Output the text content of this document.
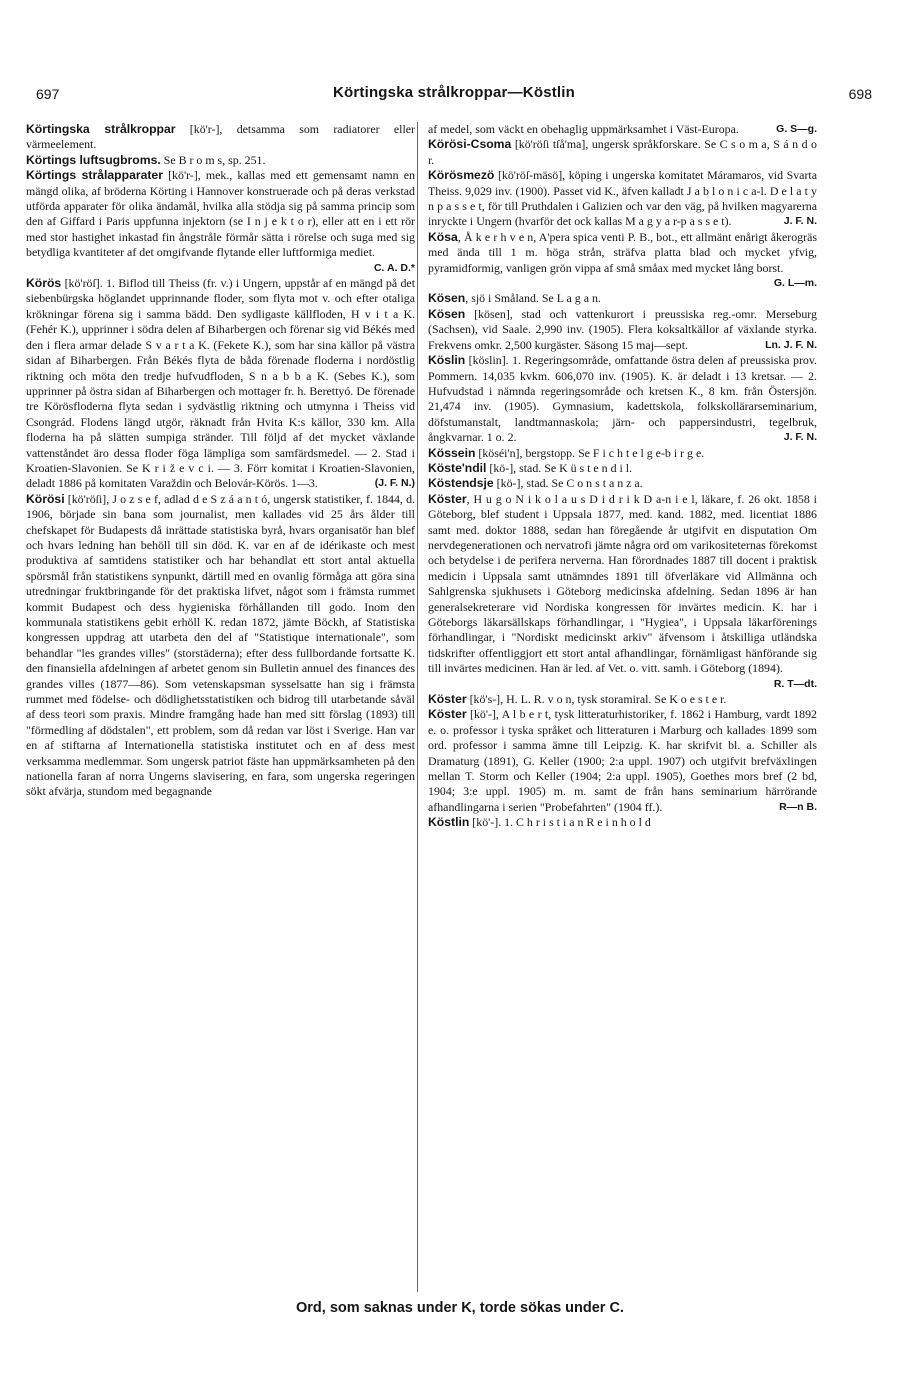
697	Körtingska strålkroppar—Köstlin	698

Körtingska strålkroppar [kö'r-], detsamma som radiatorer eller värmeelement.

Körtings luftsugbroms. Se B r o m s, sp. 251.

Körtings strålapparater [kö'r-], mek., kallas med ett gemensamt namn en mängd olika, af bröderna Körting i Hannover konstruerade och på deras verkstad utförda apparater för olika ändamål, hvilka alla stödja sig på samma princip som den af Giffard i Paris uppfunna injektorn (se I n j e k t o r), eller att en i ett rör med stor hastighet inkastad fin ångstråle förmår sätta i rörelse och suga med sig betydliga kvantiteter af det omgifvande flytande eller luftformiga mediet.
C. A. D.*

Körös [kö'röſ]. 1. Biflod till Theiss (fr. v.) i Ungern, uppstår af en mängd på det siebenbürgska höglandet upprinnande floder, som flyta mot v. och efter otaliga krökningar förena sig i samma bädd. Den sydligaste källfloden, H v i t a K. (Fehér K.), upprinner i södra delen af Biharbergen och förenar sig vid Békés med den i flera armar delade S v a r t a K. (Fekete K.), som har sina källor på västra sidan af Biharbergen. Från Békés flyta de båda förenade floderna i nordöstlig riktning och möta den tredje hufvudfloden, S n a b b a K. (Sebes K.), som upprinner på östra sidan af Biharbergen och mottager fr. h. Berettyó. De förenade tre Körösfloderna flyta sedan i sydvästlig riktning och utmynna i Theiss vid Csongrád. Flodens längd utgör, räknadt från Hvita K:s källor, 330 km. Alla floderna ha på slätten sumpiga stränder. Till följd af det mycket växlande vattenståndet äro dessa floder föga lämpliga som samfärdsmedel. — 2. Stad i Kroatien-Slavonien. Se K r i ž e v c i. — 3. Förr komitat i Kroatien-Slavonien, deladt 1886 på komitaten Varaždin och Belovár-Körös. 1—3.	(J. F. N.)

Körösi [kö'röſi], J o z s e f, adlad d e S z á a n t ó, ungersk statistiker, f. 1844, d. 1906, började sin bana som journalist, men kallades vid 25 års ålder till chefskapet för Budapests då inrättade statistiska byrå, hvars organisatör han blef och hvars ledning han behöll till sin död. K. var en af de idérikaste och mest produktiva af samtidens statistiker och har behandlat ett stort antal aktuella spörsmål från statistikens synpunkt, därtill med en ovanlig förmåga att göra sina utredningar fruktbringande för det praktiska lifvet, något som i främsta rummet kommit Budapest och dess hygieniska förhållanden till godo. Inom den kommunala statistikens gebit erhöll K. redan 1872, jämte Böckh, af Statistiska kongressen uppdrag att utarbeta den del af "Statistique internationale", som behandlar "les grandes villes" (storstäderna); efter dess fullbordande fortsatte K. den finansiella afdelningen af arbetet genom sin Bulletin annuel des finances des grandes villes (1877—86). Som vetenskapsman sysselsatte han sig i främsta rummet med födelse- och dödlighetsstatistiken och bidrog till utarbetande såväl af dess teori som praxis. Mindre framgång hade han med sitt förslag (1893) till "förmedling af dödstalen", ett problem, som då redan var löst i Sverige. Han var en af stiftarna af Internationella statistiska institutet och en af dess mest verksamma medlemmar. Som ungersk patriot fäste han uppmärksamheten på den nationella faran af norra Ungerns slavisering, en fara, som ungerska regeringen sökt afvärja, stundom med begagnande

af medel, som väckt en obehaglig uppmärksamhet i Väst-Europa.	G. S—g.

Körösi-Csoma [kö'röſi tſå'ma], ungersk språkforskare. Se C s o m a, S á n d o r.

Körösmezö [kö'röſ-mäsö], köping i ungerska komitatet Máramaros, vid Svarta Theiss. 9,029 inv. (1900). Passet vid K., äfven kalladt J a b l o n i c a-l. D e l a t y n p a s s e t, för till Pruthdalen i Galizien och var den väg, på hvilken magyarerna inryckte i Ungern (hvarför det ock kallas M a g y a r-p a s s e t).	J. F. N.

Kösa, Å k e r h v e n, A'pera spica venti P. B., bot., ett allmänt enårigt åkerogräs med ända till 1 m. höga strån, sträfva platta blad och mycket yfvig, pyramidformig, vanligen grön vippa af små småax med mycket lång borst.
G. L—m.

Kösen, sjö i Småland. Se L a g a n.

Kösen [kösen], stad och vattenkurort i preussiska reg.-omr. Merseburg (Sachsen), vid Saale. 2,990 inv. (1905). Flera koksaltkällor af växlande styrka. Frekvens omkr. 2,500 kurgäster. Säsong 15 maj—sept.	Ln. J. F. N.

Köslin [köslin]. 1. Regeringsområde, omfattande östra delen af preussiska prov. Pommern. 14,035 kvkm. 606,070 inv. (1905). K. är deladt i 13 kretsar. — 2. Hufvudstad i nämnda regeringsområde och kretsen K., 8 km. från Östersjön. 21,474 inv. (1905). Gymnasium, kadettskola, folkskollärarseminarium, döfstumanstalt, landtmannaskola; järn- och pappersindustri, tegelbruk, ångkvarnar. 1 o. 2.	J. F. N.

Kössein [köséi'n], bergstopp. Se F i c h t e l g e-b i r g e.

Köste'ndil [kö-], stad. Se K ü s t e n d i l.

Köstendsje [kö-], stad. Se C o n s t a n z a.

Köster, H u g o N i k o l a u s D i d r i k D a-n i e l, läkare, f. 26 okt. 1858 i Göteborg, blef student i Uppsala 1877, med. kand. 1882, med. licentiat 1886 samt med. doktor 1888, sedan han föregående år utgifvit en disputation Om nervdegenerationen och nervatrofi jämte några ord om varikositeternas förekomst och betydelse i de perifera nerverna. Han förordnades 1887 till docent i praktisk medicin i Uppsala samt utnämndes 1891 till öfverläkare vid Allmänna och Sahlgrenska sjukhusets i Göteborg medicinska afdelning. Sedan 1896 är han generalsekreterare vid Nordiska kongressen för invärtes medicin. K. har i Göteborgs läkarsällskaps förhandlingar, i "Hygiea", i Uppsala läkarförenings förhandlingar, i "Nordiskt medicinskt arkiv" äfvensom i åtskilliga utländska tidskrifter offentliggjort ett stort antal afhandlingar, förnämligast hänförande sig till invärtes medicinen. Han är led. af Vet. o. vitt. samh. i Göteborg (1894).
R. T—dt.

Köster [kö's-], H. L. R. v o n, tysk storamiral. Se K o e s t e r.

Köster [kö'-], A l b e r t, tysk litteraturhistoriker, f. 1862 i Hamburg, vardt 1892 e. o. professor i tyska språket och litteraturen i Marburg och kallades 1899 som ord. professor i samma ämne till Leipzig. K. har skrifvit bl. a. Schiller als Dramaturg (1891), G. Keller (1900; 2:a uppl. 1907) och utgifvit brefväxlingen mellan T. Storm och Keller (1904; 2:a uppl. 1905), Goethes mors bref (2 bd, 1904; 3:e uppl. 1905) m. m. samt de från hans seminarium härrörande afhandlingarna i serien "Probefahrten" (1904 ff.).	R—n B.

Köstlin [kö'-]. 1. C h r i s t i a n R e i n h o l d

Ord, som saknas under K, torde sökas under C.
